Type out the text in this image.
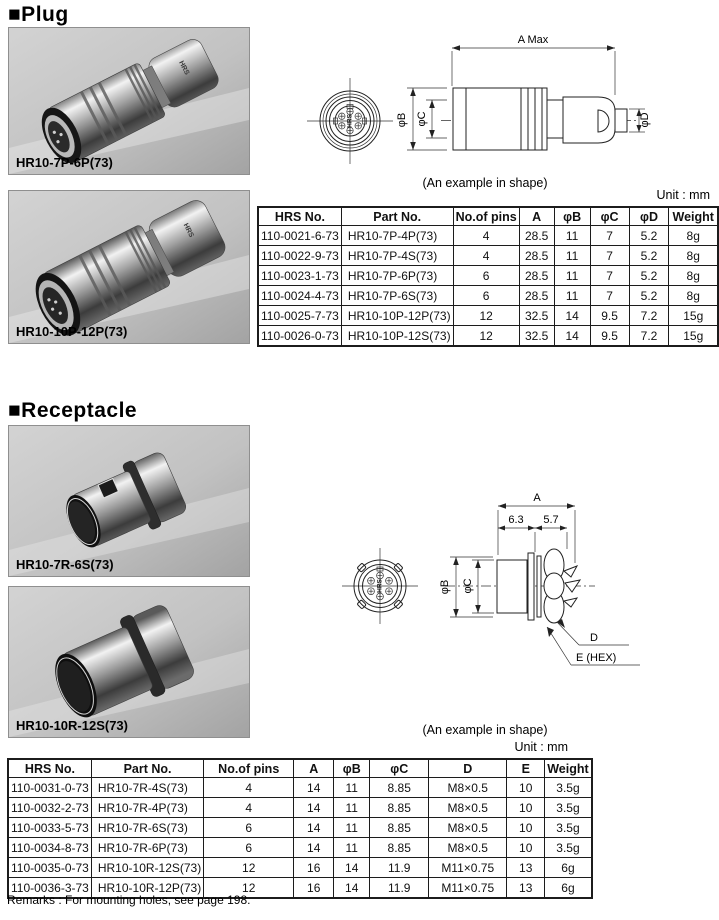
■Plug
HRS
HR10-7P-6P(73)
HRS
HR10-10P-12P(73)
HRS
A Max
φB φC	φD
(An example in shape)
Unit : mm
HRS No.	Part No.	No.of pins	A	φB	φC	φD	Weight
110-0021-6-73	HR10-7P-4P(73)	4	28.5	11	7	5.2	8g
110-0022-9-73	HR10-7P-4S(73)	4	28.5	11	7	5.2	8g
110-0023-1-73	HR10-7P-6P(73)	6	28.5	11	7	5.2	8g
110-0024-4-73	HR10-7P-6S(73)	6	28.5	11	7	5.2	8g
110-0025-7-73	HR10-10P-12P(73)	12	32.5	14	9.5	7.2	15g
110-0026-0-73	HR10-10P-12S(73)	12	32.5	14	9.5	7.2	15g
■Receptacle
HR10-7R-6S(73)
HR10-10R-12S(73)
HRS
A
6.3 5.7
φB φC
D
E (HEX)
(An example in shape)
Unit : mm
HRS No.	Part No.	No.of pins	A	φB	φC	D	E	Weight
110-0031-0-73	HR10-7R-4S(73)	4	14	11	8.85	M8×0.5	10	3.5g
110-0032-2-73	HR10-7R-4P(73)	4	14	11	8.85	M8×0.5	10	3.5g
110-0033-5-73	HR10-7R-6S(73)	6	14	11	8.85	M8×0.5	10	3.5g
110-0034-8-73	HR10-7R-6P(73)	6	14	11	8.85	M8×0.5	10	3.5g
110-0035-0-73	HR10-10R-12S(73)	12	16	14	11.9	M11×0.75	13	6g
110-0036-3-73	HR10-10R-12P(73)	12	16	14	11.9	M11×0.75	13	6g
Remarks : For mounting holes, see page 198.
